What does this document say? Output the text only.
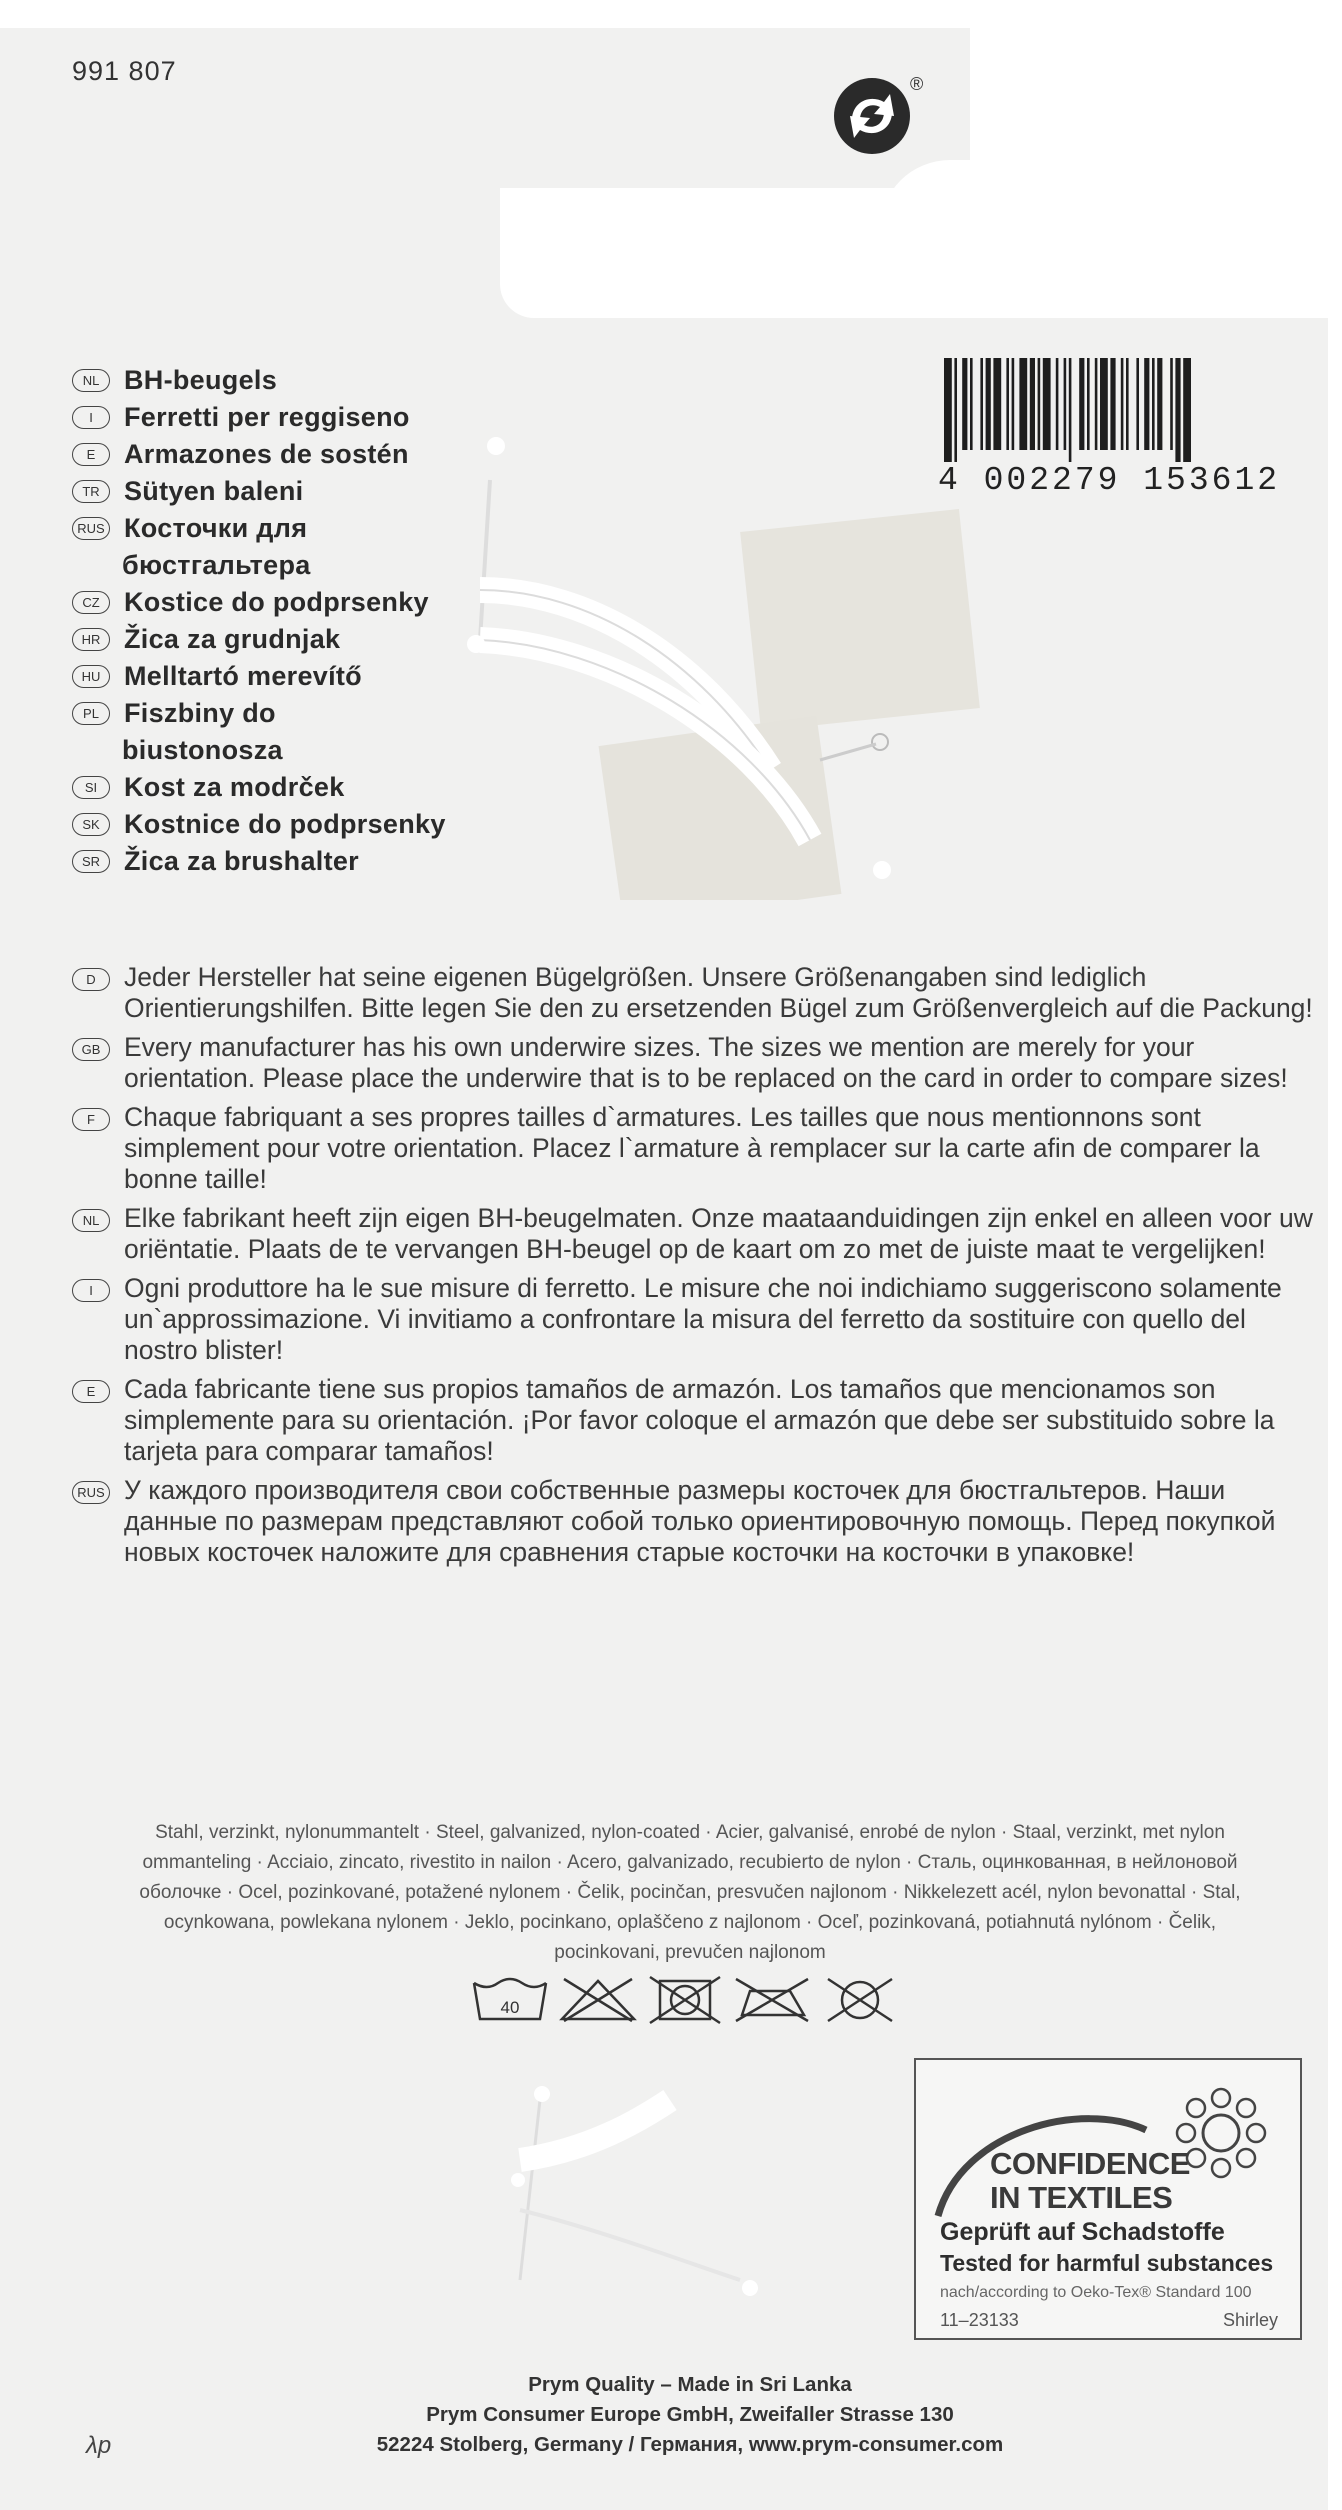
991 807	®
NL BH-beugels
I	Ferretti per reggiseno
E	Armazones de sostén
TR Sütyen baleni
RUS Косточки для
бюстгальтера
CZ Kostice do podprsenky
HR Žica za grudnjak
HU Melltartó merevítő
PL Fiszbiny do
biustonosza
SI Kost za modrček
SK Kostnice do podprsenky
SR Žica za brushalter
4 002279 153612
D	Jeder Hersteller hat seine eigenen Bügelgrößen. Unsere Größenangaben sind lediglich Orientierungshilfen. Bitte legen Sie den zu ersetzenden Bügel zum Größenvergleich auf die Packung!
GB Every manufacturer has his own underwire sizes. The sizes we mention are merely for your orientation. Please place the underwire that is to be replaced on the card in order to compare sizes!
F	Chaque fabriquant a ses propres tailles d`armatures. Les tailles que nous mentionnons sont simplement pour votre orientation. Placez l`armature à remplacer sur la carte afin de comparer la bonne taille!
NL Elke fabrikant heeft zijn eigen BH-beugelmaten. Onze maataanduidingen zijn enkel en alleen voor uw oriëntatie. Plaats de te vervangen BH-beugel op de kaart om zo met de juiste maat te vergelijken!
I	Ogni produttore ha le sue misure di ferretto. Le misure che noi indichiamo suggeriscono solamente un`approssimazione. Vi invitiamo a confrontare la misura del ferretto da sostituire con quello del nostro blister!
E	Cada fabricante tiene sus propios tamaños de armazón. Los tamaños que mencionamos son simplemente para su orientación. ¡Por favor coloque el armazón que debe ser substituido sobre la tarjeta para comparar tamaños!
RUS У каждого производителя свои собственные размеры косточек для бюстгальтеров. Наши данные по размерам представляют собой только ориентировочную помощь. Перед покупкой новых косточек наложите для сравнения старые косточки на косточки в упаковке!
Stahl, verzinkt, nylonummantelt · Steel, galvanized, nylon-coated · Acier, galvanisé, enrobé de nylon · Staal, verzinkt, met nylon ommanteling · Acciaio, zincato, rivestito in nailon · Acero, galvanizado, recubierto de nylon · Сталь, оцинкованная, в нейлоновой оболочке · Ocel, pozinkované, potažené nylonem · Čelik, pocinčan, presvučen najlonom · Nikkelezett acél, nylon bevonattal · Stal, ocynkowana, powlekana nylonem · Jeklo, pocinkano, oplaščeno z najlonom · Oceľ, pozinkovaná, potiahnutá nylónom · Čelik, pocinkovani, prevučen najlonom
40
CONFIDENCE
IN TEXTILES
Geprüft auf Schadstoffe
Tested for harmful substances
nach/according to Oeko-Tex® Standard 100
11–23133	Shirley
Prym Quality – Made in Sri Lanka
Prym Consumer Europe GmbH, Zweifaller Strasse 130
52224 Stolberg, Germany / Германия, www.prym-consumer.com
λp
